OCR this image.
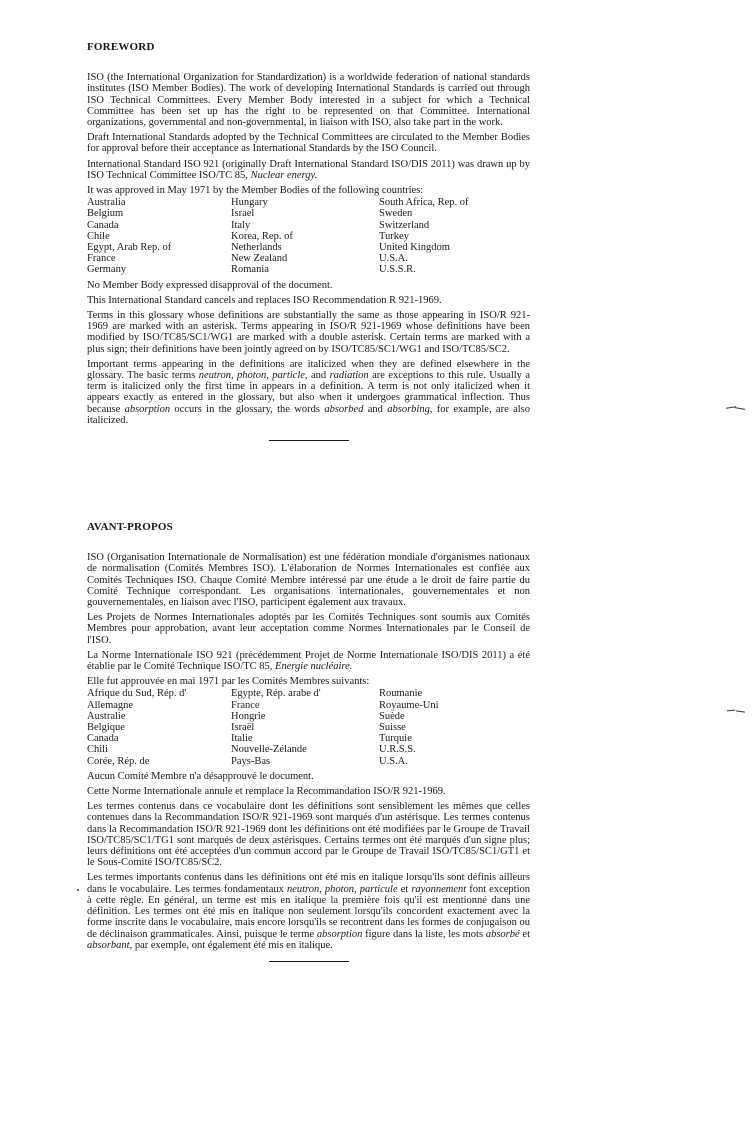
FOREWORD

ISO (the International Organization for Standardization) is a worldwide federation of national standards institutes (ISO Member Bodies). The work of developing International Standards is carried out through ISO Technical Committees. Every Member Body interested in a subject for which a Technical Committee has been set up has the right to be represented on that Committee. International organizations, governmental and non-governmental, in liaison with ISO, also take part in the work.

Draft International Standards adopted by the Technical Committees are circulated to the Member Bodies for approval before their acceptance as International Standards by the ISO Council.

International Standard ISO 921 (originally Draft International Standard ISO/DIS 2011) was drawn up by ISO Technical Committee ISO/TC 85, Nuclear energy.

It was approved in May 1971 by the Member Bodies of the following countries:

Australia	Hungary	South Africa, Rep. of
Belgium	Israel	Sweden
Canada	Italy	Switzerland
Chile	Korea, Rep. of	Turkey
Egypt, Arab Rep. of	Netherlands	United Kingdom
France	New Zealand	U.S.A.
Germany	Romania	U.S.S.R.

No Member Body expressed disapproval of the document.

This International Standard cancels and replaces ISO Recommendation R 921-1969.

Terms in this glossary whose definitions are substantially the same as those appearing in ISO/R 921-1969 are marked with an asterisk. Terms appearing in ISO/R 921-1969 whose definitions have been modified by ISO/TC85/SC1/WG1 are marked with a double asterisk. Certain terms are marked with a plus sign; their definitions have been jointly agreed on by ISO/TC85/SC1/WG1 and ISO/TC85/SC2.

Important terms appearing in the definitions are italicized when they are defined elsewhere in the glossary. The basic terms neutron, photon, particle, and radiation are exceptions to this rule. Usually a term is italicized only the first time in appears in a definition. A term is not only italicized when it appears exactly as entered in the glossary, but also when it undergoes grammatical inflection. Thus because absorption occurs in the glossary, the words absorbed and absorbing, for example, are also italicized.

AVANT-PROPOS

ISO (Organisation Internationale de Normalisation) est une fédération mondiale d'organismes nationaux de normalisation (Comités Membres ISO). L'élaboration de Normes Internationales est confiée aux Comités Techniques ISO. Chaque Comité Membre intéressé par une étude a le droit de faire partie du Comité Technique correspondant. Les organisations internationales, gouvernementales et non gouvernementales, en liaison avec l'ISO, participent également aux travaux.

Les Projets de Normes Internationales adoptés par les Comités Techniques sont soumis aux Comités Membres pour approbation, avant leur acceptation comme Normes Internationales par le Conseil de l'ISO.

La Norme Internationale ISO 921 (précédemment Projet de Norme Internationale ISO/DIS 2011) a été établie par le Comité Technique ISO/TC 85, Energie nucléaire.

Elle fut approuvée en mai 1971 par les Comités Membres suivants:

Afrique du Sud, Rép. d'	Egypte, Rép. arabe d'	Roumanie
Allemagne	France	Royaume-Uni
Australie	Hongrie	Suède
Belgique	Israël	Suisse
Canada	Italie	Turquie
Chili	Nouvelle-Zélande	U.R.S.S.
Corée, Rép. de	Pays-Bas	U.S.A.

Aucun Comité Membre n'a désapprouvé le document.

Cette Norme Internationale annule et remplace la Recommandation ISO/R 921-1969.

Les termes contenus dans ce vocabulaire dont les définitions sont sensiblement les mêmes que celles contenues dans la Recommandation ISO/R 921-1969 sont marqués d'un astérisque. Les termes contenus dans la Recommandation ISO/R 921-1969 dont les définitions ont été modifiées par le Groupe de Travail ISO/TC85/SC1/TG1 sont marqués de deux astérisques. Certains termes ont été marqués d'un signe plus; leurs définitions ont été acceptées d'un commun accord par le Groupe de Travail ISO/TC85/SC1/GT1 et le Sous-Comité ISO/TC85/SC2.

Les termes importants contenus dans les définitions ont été mis en italique lorsqu'ils sont définis ailleurs dans le vocabulaire. Les termes fondamentaux neutron, photon, particule et rayonnement font exception à cette règle. En général, un terme est mis en italique la première fois qu'il est mentionné dans une définition. Les termes ont été mis en italique non seulement lorsqu'ils concordent exactement avec la forme inscrite dans le vocabulaire, mais encore lorsqu'ils se recontrent dans les formes de conjugaison ou de déclinaison grammaticales. Ainsi, puisque le terme absorption figure dans la liste, les mots absorbé et absorbant, par exemple, ont également été mis en italique.
